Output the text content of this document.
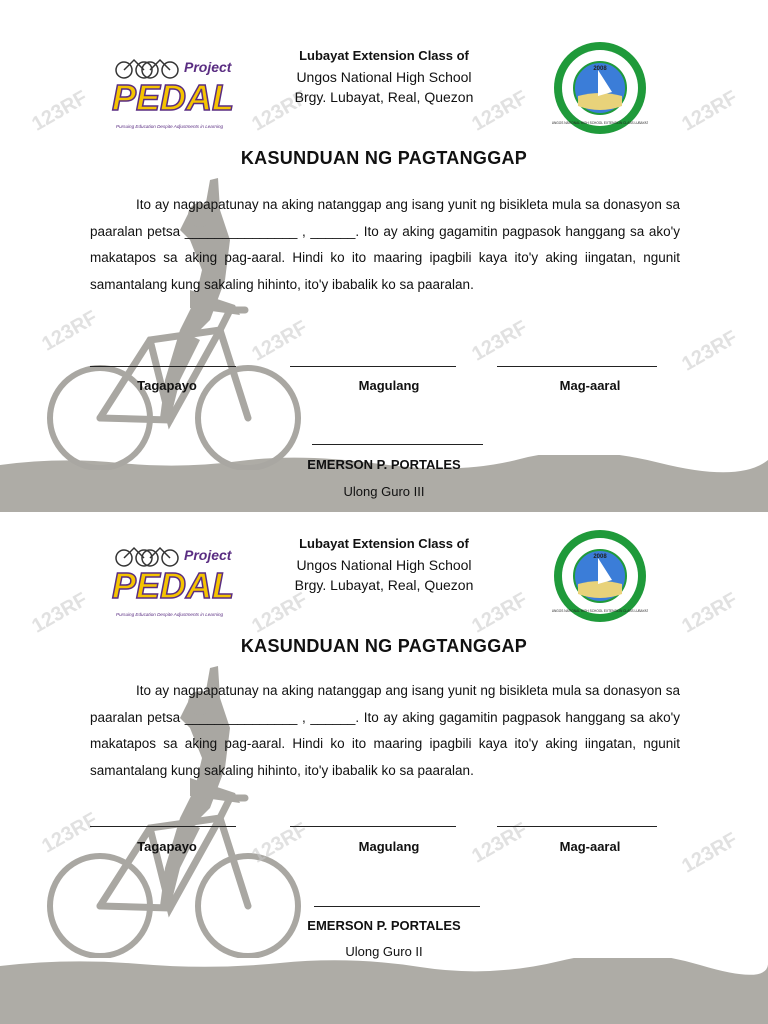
123RF	123RF	123RF	123RF
123RF	123RF	123RF	123RF
Project
PEDAL
Pursuing Education Despite Adjustments in Learning
Lubayat Extension Class of
Ungos National High School
Brgy. Lubayat, Real, Quezon
2008
UNGOS NATIONAL HIGH SCHOOL EXTENSION CLASS LUBAYAT
KASUNDUAN NG PAGTANGGAP

Ito ay nagpapatunay na aking natanggap ang isang yunit ng bisikleta mula sa donasyon sa paaralan petsa _______________ , ______. Ito ay aking gagamitin pagpasok hanggang sa ako'y makatapos sa aking pag-aaral. Hindi ko ito maaring ipagbili kaya ito'y aking iingatan, ngunit samantalang kung sakaling hihinto, ito'y ibabalik ko sa paaralan.

Tagapayo	Magulang	Mag-aaral
EMERSON P. PORTALES
Ulong Guro III
123RF	123RF	123RF	123RF
123RF	123RF	123RF	123RF
Project
PEDAL
Pursuing Education Despite Adjustments in Learning
Lubayat Extension Class of
Ungos National High School
Brgy. Lubayat, Real, Quezon
2008
UNGOS NATIONAL HIGH SCHOOL EXTENSION CLASS LUBAYAT
KASUNDUAN NG PAGTANGGAP

Ito ay nagpapatunay na aking natanggap ang isang yunit ng bisikleta mula sa donasyon sa paaralan petsa _______________ , ______. Ito ay aking gagamitin pagpasok hanggang sa ako'y makatapos sa aking pag-aaral. Hindi ko ito maaring ipagbili kaya ito'y aking iingatan, ngunit samantalang kung sakaling hihinto, ito'y ibabalik ko sa paaralan.

Tagapayo	Magulang	Mag-aaral
EMERSON P. PORTALES
Ulong Guro II
